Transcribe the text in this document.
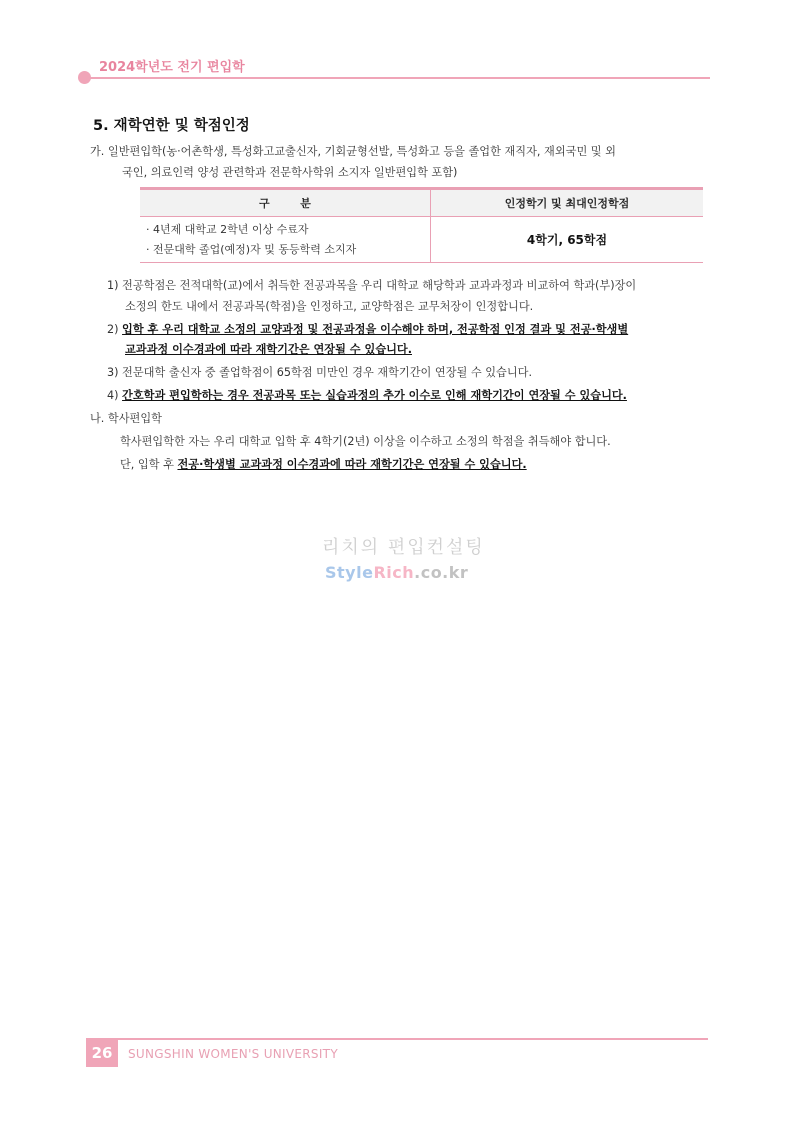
2024학년도 전기 편입학
5. 재학연한 및 학점인정
가. 일반편입학(농·어촌학생, 특성화고교출신자, 기회균형선발, 특성화고 등을 졸업한 재직자, 재외국민 및 외
국인, 의료인력 양성 관련학과 전문학사학위 소지자 일반편입학 포함)
구        분	인정학기 및 최대인정학점

· 4년제 대학교 2학년 이상 수료자
· 전문대학 졸업(예정)자 및 동등학력 소지자	4학기, 65학점
1) 전공학점은 전적대학(교)에서 취득한 전공과목을 우리 대학교 해당학과 교과과정과 비교하여 학과(부)장이
소정의 한도 내에서 전공과목(학점)을 인정하고, 교양학점은 교무처장이 인정합니다.
2) 입학 후 우리 대학교 소정의 교양과정 및 전공과정을 이수해야 하며, 전공학점 인정 결과 및 전공·학생별
교과과정 이수경과에 따라 재학기간은 연장될 수 있습니다.
3) 전문대학 출신자 중 졸업학점이 65학점 미만인 경우 재학기간이 연장될 수 있습니다.
4) 간호학과 편입학하는 경우 전공과목 또는 실습과정의 추가 이수로 인해 재학기간이 연장될 수 있습니다.
나. 학사편입학
학사편입학한 자는 우리 대학교 입학 후 4학기(2년) 이상을 이수하고 소정의 학점을 취득해야 합니다.
단, 입학 후 전공·학생별 교과과정 이수경과에 따라 재학기간은 연장될 수 있습니다.
리치의 편입컨설팅
StyleRich.co.kr
26	SUNGSHIN WOMEN'S UNIVERSITY
